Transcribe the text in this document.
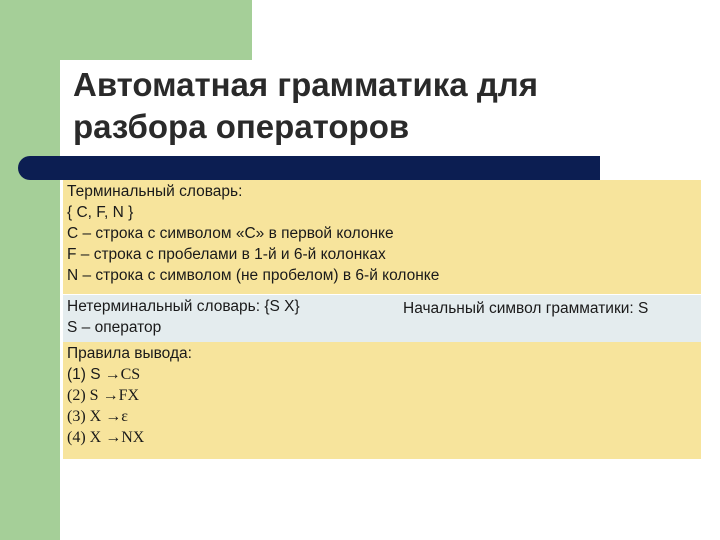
Автоматная грамматика для разбора операторов
Терминальный словарь:
{ C, F, N }
C – строка с символом «C» в первой колонке
F – строка с пробелами в 1-й и 6-й колонках
N – строка с символом (не пробелом) в 6-й колонке
Нетерминальный словарь: {S X}	Начальный символ грамматики: S
S – оператор
Правила вывода:
(1) S →CS
(2) S →FX
(3) X →ε
(4) X →NX
